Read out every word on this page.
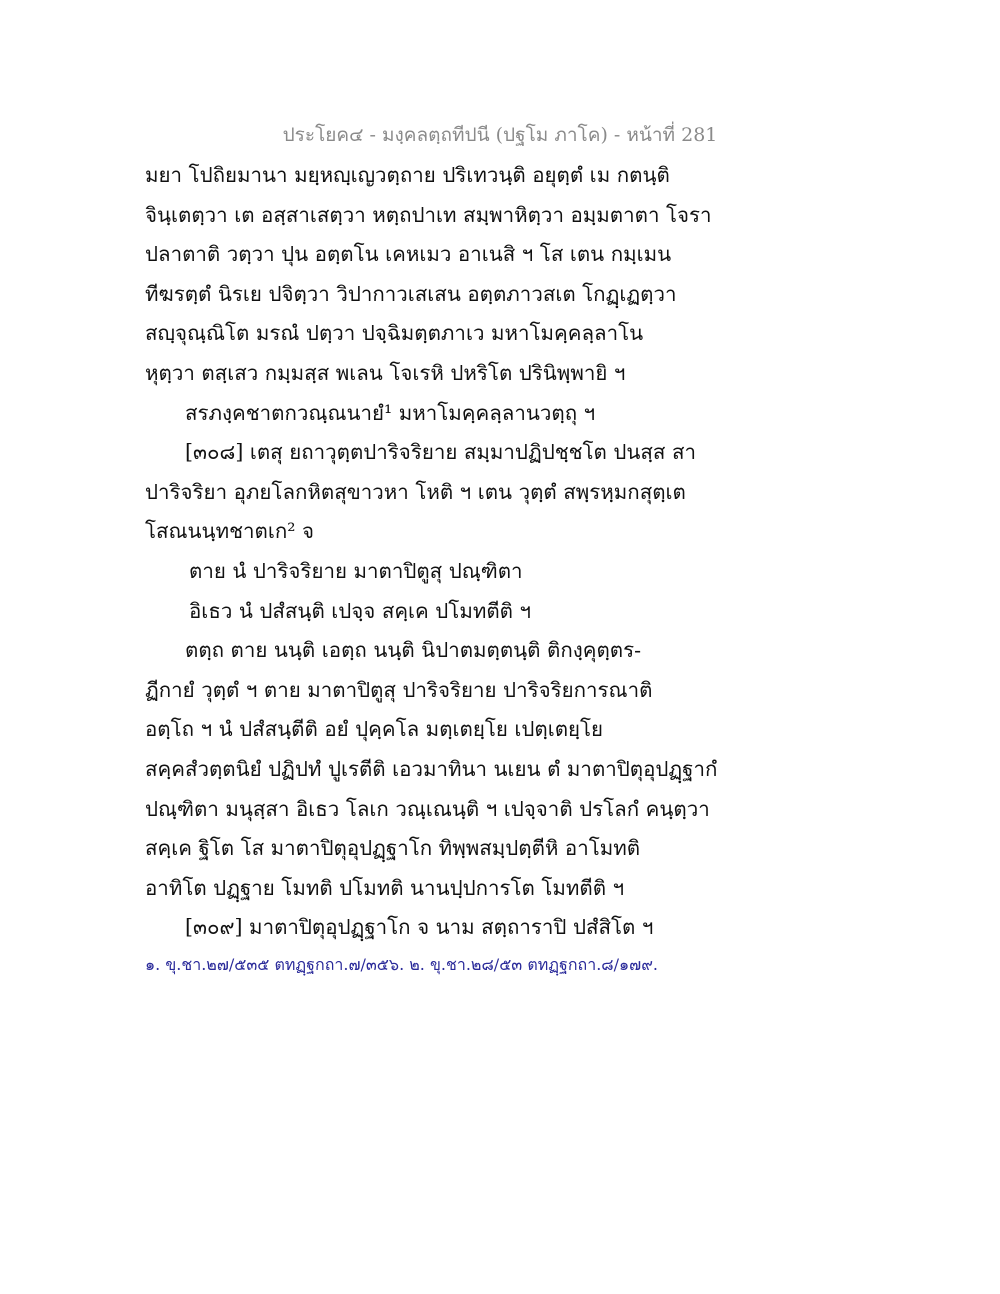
ประโยค๔ - มงฺคลตฺถทีปนี (ปฐโม ภาโค) - หน้าที่ 281
มยา โปถิยมานา มยฺหญฺเญวตฺถาย ปริเทวนฺติ อยุตฺตํ เม กตนฺติ
จินฺเตตฺวา เต อสฺสาเสตฺวา หตฺถปาเท สมฺพาหิตฺวา อมฺมตาตา โจรา
ปลาตาติ วตฺวา ปุน อตฺตโน เคหเมว อาเนสิ ฯ โส เตน กมฺเมน
ทีฆรตฺตํ นิรเย ปจิตฺวา วิปากาวเสเสน อตฺตภาวสเต โกฏฺเฏตฺวา
สญฺจุณฺณิโต มรณํ ปตฺวา ปจฺฉิมตฺตภาเว มหาโมคฺคลฺลาโน
หุตฺวา ตสฺเสว กมฺมสฺส พเลน โจเรหิ ปหริโต ปรินิพฺพายิ ฯ
สรภงฺคชาตกวณฺณนายํ¹ มหาโมคฺคลฺลานวตฺถุ ฯ
[๓๐๘] เตสุ ยถาวุตฺตปาริจริยาย สมฺมาปฏิปชฺชโต ปนสฺส สา
ปาริจริยา อุภยโลกหิตสุขาวหา โหติ ฯ เตน วุตฺตํ สพฺรหฺมกสุตฺเต
โสณนนฺทชาตเก² จ
ตาย นํ ปาริจริยาย มาตาปิตูสุ ปณฺฑิตา
อิเธว นํ ปสํสนฺติ เปจฺจ สคฺเค ปโมทตีติ ฯ
ตตฺถ ตาย นนฺติ เอตฺถ นนฺติ นิปาตมตฺตนฺติ ติกงฺคุตฺตร-
ฏีกายํ วุตฺตํ ฯ ตาย มาตาปิตูสุ ปาริจริยาย ปาริจริยการณาติ
อตฺโถ ฯ นํ ปสํสนฺตีติ อยํ ปุคฺคโล มตฺเตยฺโย เปตฺเตยฺโย
สคฺคสํวตฺตนิยํ ปฏิปทํ ปูเรตีติ เอวมาทินา นเยน ตํ มาตาปิตุอุปฏฺฐากํ
ปณฺฑิตา มนุสฺสา อิเธว โลเก วณฺเณนฺติ ฯ เปจฺจาติ ปรโลกํ คนฺตฺวา
สคฺเค ฐิโต โส มาตาปิตุอุปฏฺฐาโก ทิพฺพสมฺปตฺตีหิ อาโมทติ
อาทิโต ปฏฺฐาย โมทติ ปโมทติ นานปฺปการโต โมทตีติ ฯ
[๓๐๙] มาตาปิตุอุปฏฺฐาโก จ นาม สตฺถาราปิ ปสํสิโต ฯ
๑. ขุ.ชา.๒๗/๕๓๕ ตทฏฺฐกถา.๗/๓๕๖. ๒. ขุ.ชา.๒๘/๕๓ ตทฏฺฐกถา.๘/๑๗๙.
